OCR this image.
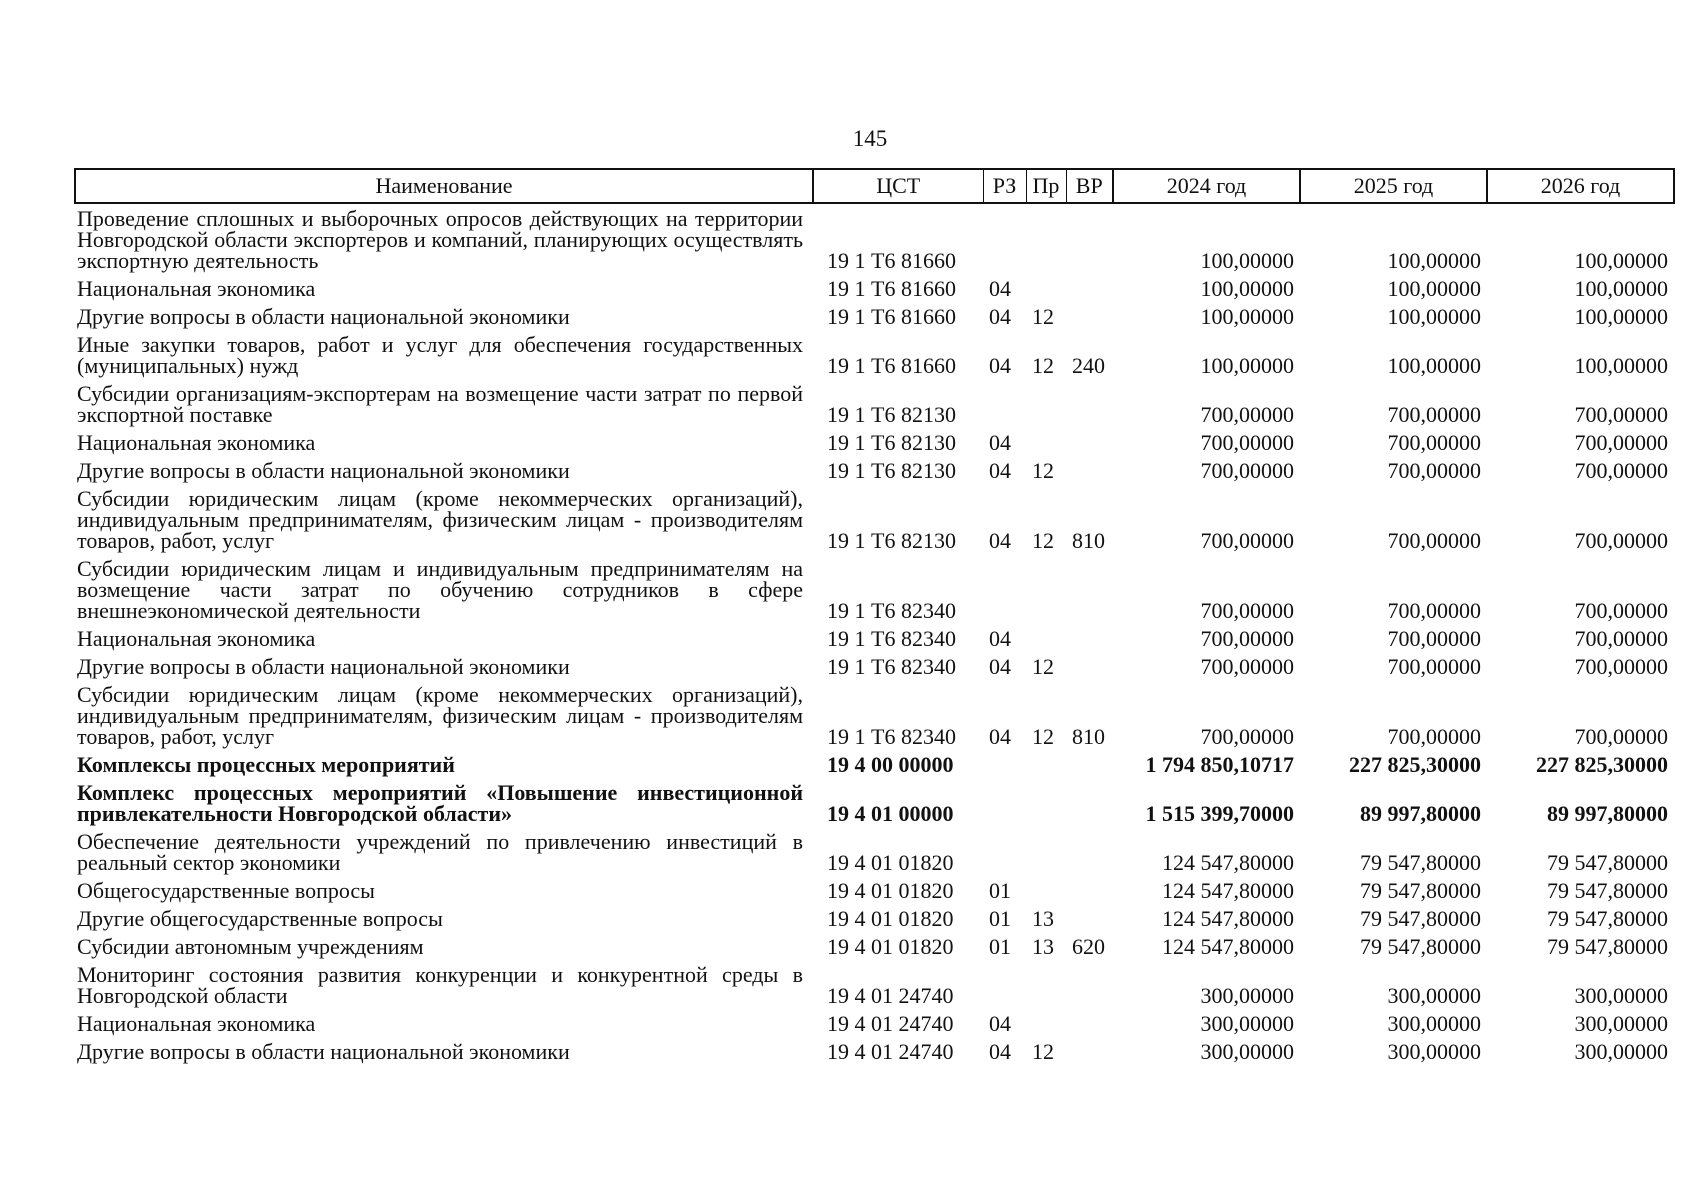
145
Наименование	ЦСТ	РЗ	Пр	ВР	2024 год	2025 год	2026 год
Проведение сплошных и выборочных опросов действующих на территории Новгородской области экспортеров и компаний, планирующих осуществлять экспортную деятельность	19 1 Т6 81660				100,00000	100,00000	100,00000
Национальная экономика	19 1 Т6 81660	04			100,00000	100,00000	100,00000
Другие вопросы в области национальной экономики	19 1 Т6 81660	04	12		100,00000	100,00000	100,00000
Иные закупки товаров, работ и услуг для обеспечения государственных (муниципальных) нужд	19 1 Т6 81660	04	12	240	100,00000	100,00000	100,00000
Субсидии организациям-экспортерам на возмещение части затрат по первой экспортной поставке	19 1 Т6 82130				700,00000	700,00000	700,00000
Национальная экономика	19 1 Т6 82130	04			700,00000	700,00000	700,00000
Другие вопросы в области национальной экономики	19 1 Т6 82130	04	12		700,00000	700,00000	700,00000
Субсидии юридическим лицам (кроме некоммерческих организаций), индивидуальным предпринимателям, физическим лицам - производителям товаров, работ, услуг	19 1 Т6 82130	04	12	810	700,00000	700,00000	700,00000
Субсидии юридическим лицам и индивидуальным предпринимателям на возмещение части затрат по обучению сотрудников в сфере внешнеэкономической деятельности	19 1 Т6 82340				700,00000	700,00000	700,00000
Национальная экономика	19 1 Т6 82340	04			700,00000	700,00000	700,00000
Другие вопросы в области национальной экономики	19 1 Т6 82340	04	12		700,00000	700,00000	700,00000
Субсидии юридическим лицам (кроме некоммерческих организаций), индивидуальным предпринимателям, физическим лицам - производителям товаров, работ, услуг	19 1 Т6 82340	04	12	810	700,00000	700,00000	700,00000
Комплексы процессных мероприятий	19 4 00 00000				1 794 850,10717	227 825,30000	227 825,30000
Комплекс процессных мероприятий «Повышение инвестиционной привлекательности Новгородской области»	19 4 01 00000				1 515 399,70000	89 997,80000	89 997,80000
Обеспечение деятельности учреждений по привлечению инвестиций в реальный сектор экономики	19 4 01 01820				124 547,80000	79 547,80000	79 547,80000
Общегосударственные вопросы	19 4 01 01820	01			124 547,80000	79 547,80000	79 547,80000
Другие общегосударственные вопросы	19 4 01 01820	01	13		124 547,80000	79 547,80000	79 547,80000
Субсидии автономным учреждениям	19 4 01 01820	01	13	620	124 547,80000	79 547,80000	79 547,80000
Мониторинг состояния развития конкуренции и конкурентной среды в Новгородской области	19 4 01 24740				300,00000	300,00000	300,00000
Национальная экономика	19 4 01 24740	04			300,00000	300,00000	300,00000
Другие вопросы в области национальной экономики	19 4 01 24740	04	12		300,00000	300,00000	300,00000
